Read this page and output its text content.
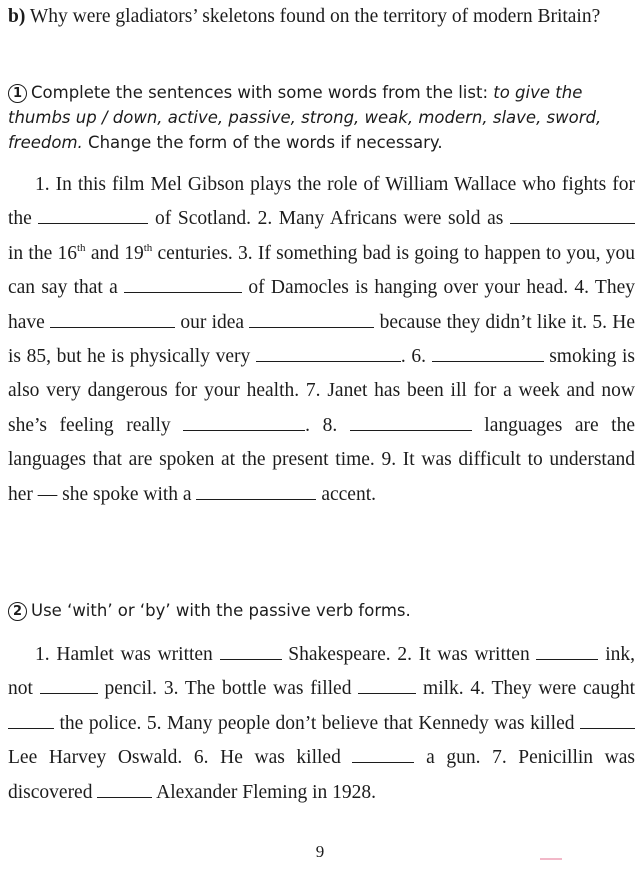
b) Why were gladiators’ skeletons found on the territory of modern Britain?
1 Complete the sentences with some words from the list: to give the thumbs up / down, active, passive, strong, weak, modern, slave, sword, freedom. Change the form of the words if necessary.
1. In this film Mel Gibson plays the role of William Wallace who fights for the	of Scotland. 2. Many Africans were sold as  in the 16th and 19th centuries. 3. If something bad is going to happen to you, you can say that a	of Damocles is hanging over your head. 4. They have	our idea	because they didn’t like it. 5. He is 85, but he is physically very	. 6.	smoking is also very dangerous for your health. 7. Janet has been ill for a week and now she’s feeling really	. 8.	languages are the languages that are spoken at the present time. 9. It was difficult to understand her — she spoke with a	accent.
2 Use ‘with’ or ‘by’ with the passive verb forms.
1. Hamlet was written	Shakespeare. 2. It was written	ink, not	pencil. 3. The bottle was filled	milk. 4. They were caught  the police. 5. Many people don’t believe that Kennedy was killed  Lee Harvey Oswald. 6. He was killed	a gun. 7. Penicillin was discovered	Alexander Fleming in 1928.
9
